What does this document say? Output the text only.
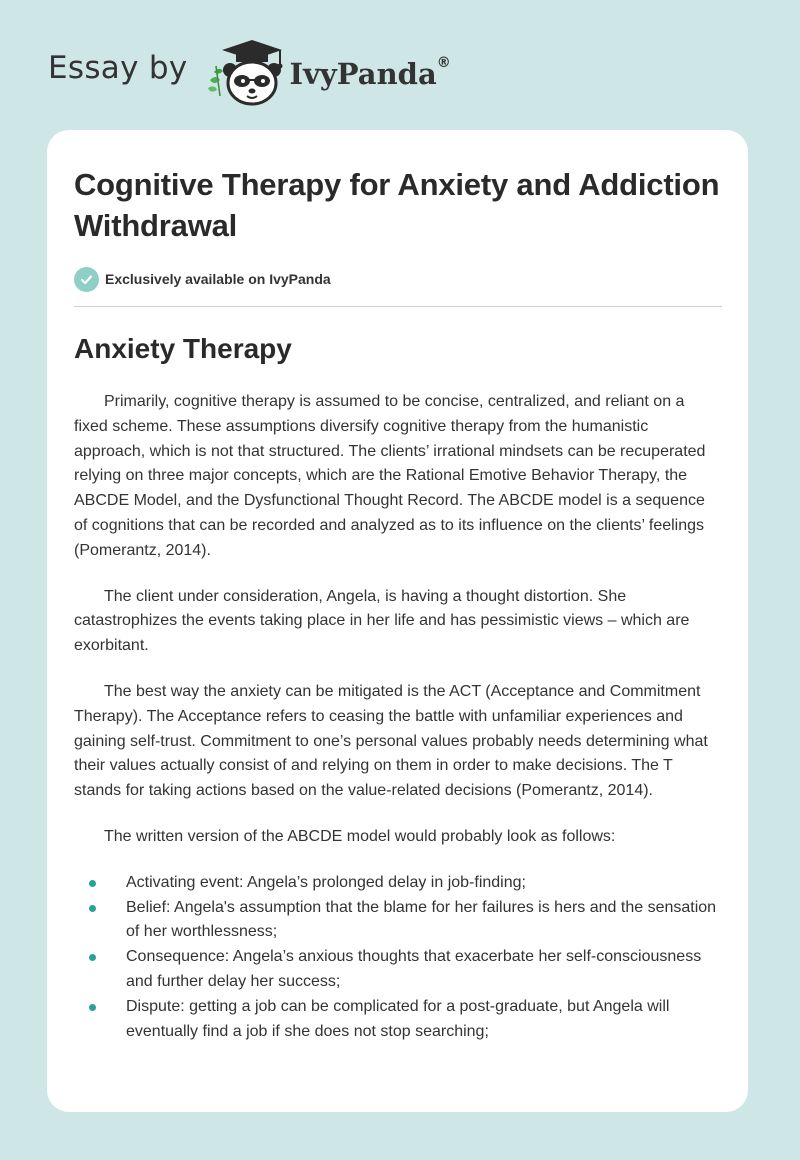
Essay by	IvyPanda®
Cognitive Therapy for Anxiety and Addiction Withdrawal
Exclusively available on IvyPanda
Anxiety Therapy

Primarily, cognitive therapy is assumed to be concise, centralized, and reliant on a fixed scheme. These assumptions diversify cognitive therapy from the humanistic approach, which is not that structured. The clients’ irrational mindsets can be recuperated relying on three major concepts, which are the Rational Emotive Behavior Therapy, the ABCDE Model, and the Dysfunctional Thought Record. The ABCDE model is a sequence of cognitions that can be recorded and analyzed as to its influence on the clients’ feelings (Pomerantz, 2014).

The client under consideration, Angela, is having a thought distortion. She catastrophizes the events taking place in her life and has pessimistic views – which are exorbitant.

The best way the anxiety can be mitigated is the ACT (Acceptance and Commitment Therapy). The Acceptance refers to ceasing the battle with unfamiliar experiences and gaining self-trust. Commitment to one’s personal values probably needs determining what their values actually consist of and relying on them in order to make decisions. The T stands for taking actions based on the value-related decisions (Pomerantz, 2014).

The written version of the ABCDE model would probably look as follows:

Activating event: Angela’s prolonged delay in job-finding;
Belief: Angela's assumption that the blame for her failures is hers and the sensation of her worthlessness;
Consequence: Angela’s anxious thoughts that exacerbate her self-consciousness and further delay her success;
Dispute: getting a job can be complicated for a post-graduate, but Angela will eventually find a job if she does not stop searching;
